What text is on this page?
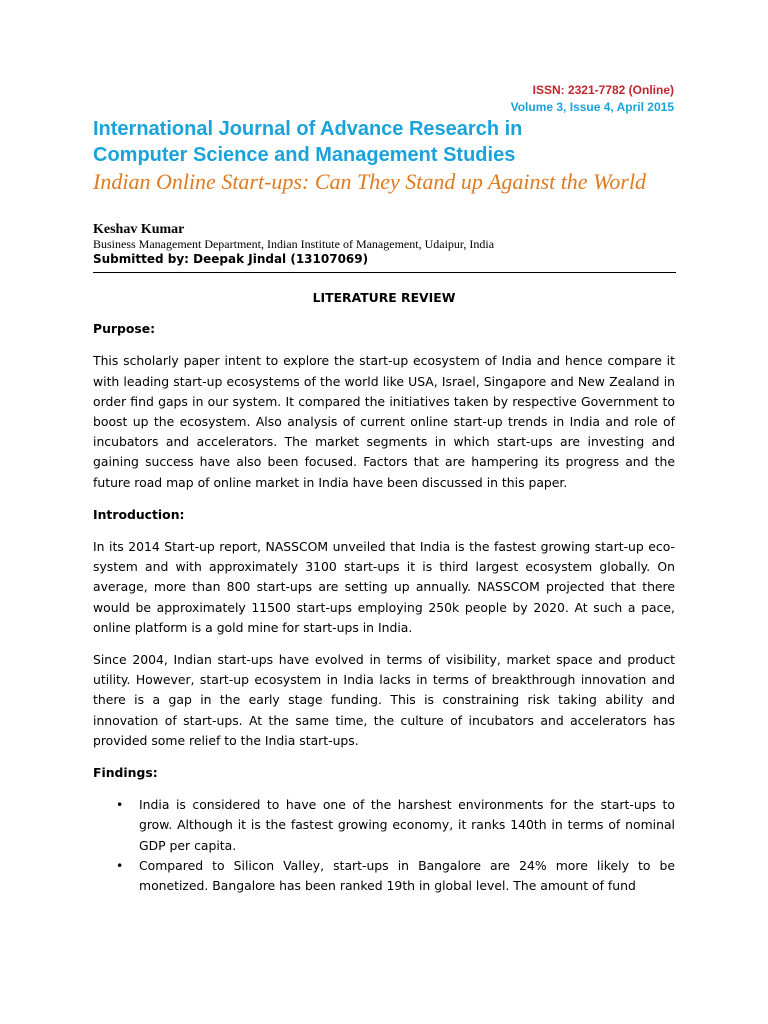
ISSN: 2321-7782 (Online)
Volume 3, Issue 4, April 2015
International Journal of Advance Research in
Computer Science and Management Studies
Indian Online Start-ups: Can They Stand up Against the World
Keshav Kumar
Business Management Department, Indian Institute of Management, Udaipur, India
Submitted by: Deepak Jindal (13107069)
LITERATURE REVIEW
Purpose:

This scholarly paper intent to explore the start-up ecosystem of India and hence compare it with leading start-up ecosystems of the world like USA, Israel, Singapore and New Zealand in order find gaps in our system. It compared the initiatives taken by respective Government to boost up the ecosystem. Also analysis of current online start-up trends in India and role of incubators and accelerators. The market segments in which start-ups are investing and gaining success have also been focused. Factors that are hampering its progress and the future road map of online market in India have been discussed in this paper.

Introduction:

In its 2014 Start-up report, NASSCOM unveiled that India is the fastest growing start-up eco-system and with approximately 3100 start-ups it is third largest ecosystem globally. On average, more than 800 start-ups are setting up annually. NASSCOM projected that there would be approximately 11500 start-ups employing 250k people by 2020. At such a pace, online platform is a gold mine for start-ups in India.

Since 2004, Indian start-ups have evolved in terms of visibility, market space and product utility. However, start-up ecosystem in India lacks in terms of breakthrough innovation and there is a gap in the early stage funding. This is constraining risk taking ability and innovation of start-ups. At the same time, the culture of incubators and accelerators has provided some relief to the India start-ups.

Findings:
• India is considered to have one of the harshest environments for the start-ups to grow. Although it is the fastest growing economy, it ranks 140th in terms of nominal GDP per capita.
• Compared to Silicon Valley, start-ups in Bangalore are 24% more likely to be monetized. Bangalore has been ranked 19th in global level. The amount of fund
